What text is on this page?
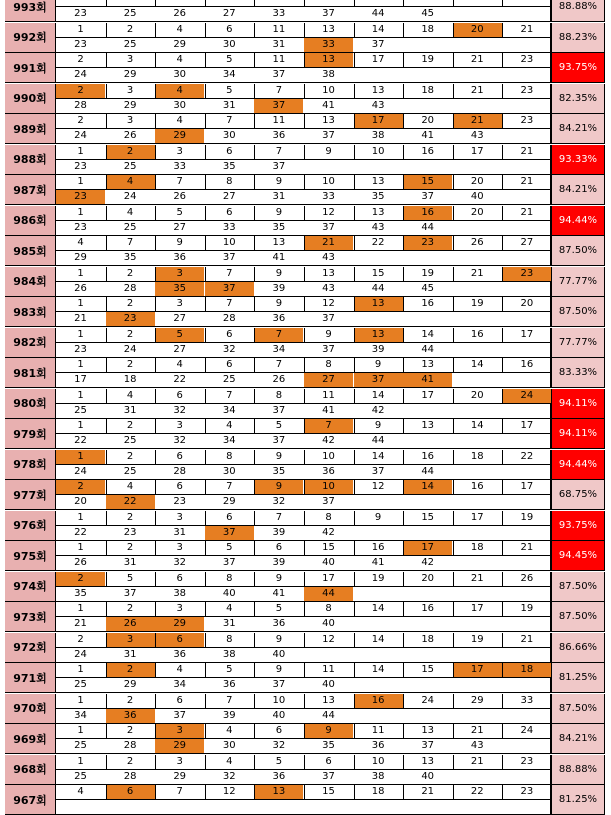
993회	23	25	26	27	33	37	44	45
88.88%
992회
1	2	4	6	11	13	14	18	20	21
23	25	29	30	31	33	37
88.23%
991회
2	3	4	5	11	13	17	19	21	23
24	29	30	34	37	38
93.75%
990회
2	3	4	5	7	10	13	18	21	23
28	29	30	31	37	41	43
82.35%
989회
2	3	4	7	11	13	17	20	21	23
24	26	29	30	36	37	38	41	43
84.21%
988회
1	2	3	6	7	9	10	16	17	21
23	25	33	35	37
93.33%
987회
1	4	7	8	9	10	13	15	20	21
23	24	26	27	31	33	35	37	40
84.21%
986회
1	4	5	6	9	12	13	16	20	21
23	25	27	33	35	37	43	44
94.44%
985회
4	7	9	10	13	21	22	23	26	27
29	35	36	37	41	43
87.50%
984회
1	2	3	7	9	13	15	19	21	23
26	28	35	37	39	43	44	45
77.77%
983회
1	2	3	7	9	12	13	16	19	20
21	23	27	28	36	37
87.50%
982회
1	2	5	6	7	9	13	14	16	17
23	24	27	32	34	37	39	44
77.77%
981회
1	2	4	6	7	8	9	13	14	16
17	18	22	25	26	27	37	41
83.33%
980회
1	4	6	7	8	11	14	17	20	24
25	31	32	34	37	41	42
94.11%
979회
1	2	3	4	5	7	9	13	14	17
22	25	32	34	37	42	44
94.11%
978회
1	2	6	8	9	10	14	16	18	22
24	25	28	30	35	36	37	44
94.44%
977회
2	4	6	7	9	10	12	14	16	17
20	22	23	29	32	37
68.75%
976회
1	2	3	6	7	8	9	15	17	19
22	23	31	37	39	42
93.75%
975회
1	2	3	5	6	15	16	17	18	21
26	31	32	37	39	40	41	42
94.45%
974회
2	5	6	8	9	17	19	20	21	26
35	37	38	40	41	44
87.50%
973회
1	2	3	4	5	8	14	16	17	19
21	26	29	31	36	40
87.50%
972회
2	3	6	8	9	12	14	18	19	21
24	31	36	38	40
86.66%
971회
1	2	4	5	9	11	14	15	17	18
25	29	34	36	37	40
81.25%
970회
1	2	6	7	10	13	16	24	29	33
34	36	37	39	40	44
87.50%
969회
1	2	3	4	6	9	11	13	21	24
25	28	29	30	32	35	36	37	43
84.21%
968회
1	2	3	4	5	6	10	13	21	23
25	28	29	32	36	37	38	40
88.88%
967회
4	6	7	12	13	15	18	21	22	23
81.25%
